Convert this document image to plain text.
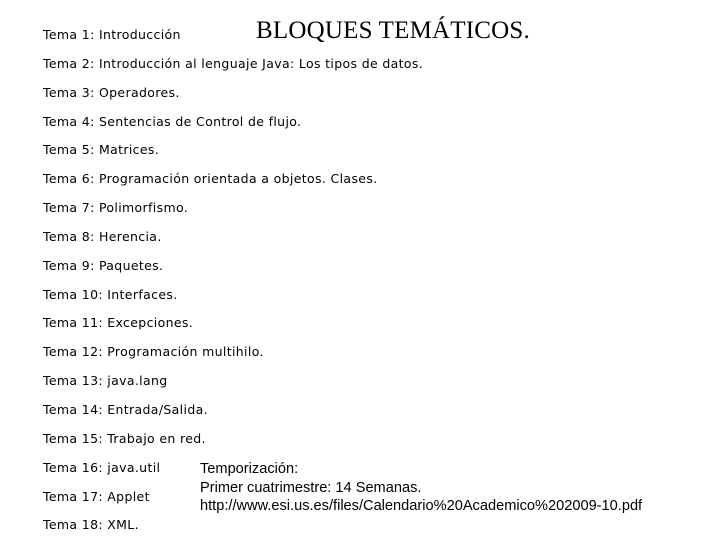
BLOQUES TEMÁTICOS.
Tema 1: Introducción
Tema 2: Introducción al lenguaje Java: Los tipos de datos.
Tema 3: Operadores.
Tema 4: Sentencias de Control de flujo.
Tema 5: Matrices.
Tema 6: Programación orientada a objetos. Clases.
Tema 7: Polimorfismo.
Tema 8: Herencia.
Tema 9: Paquetes.
Tema 10: Interfaces.
Tema 11: Excepciones.
Tema 12: Programación multihilo.
Tema 13: java.lang
Tema 14: Entrada/Salida.
Tema 15: Trabajo en red.
Tema 16: java.util
Tema 17: Applet
Tema 18: XML.
Temporización:
Primer cuatrimestre: 14 Semanas.
http://www.esi.us.es/files/Calendario%20Academico%202009-10.pdf
